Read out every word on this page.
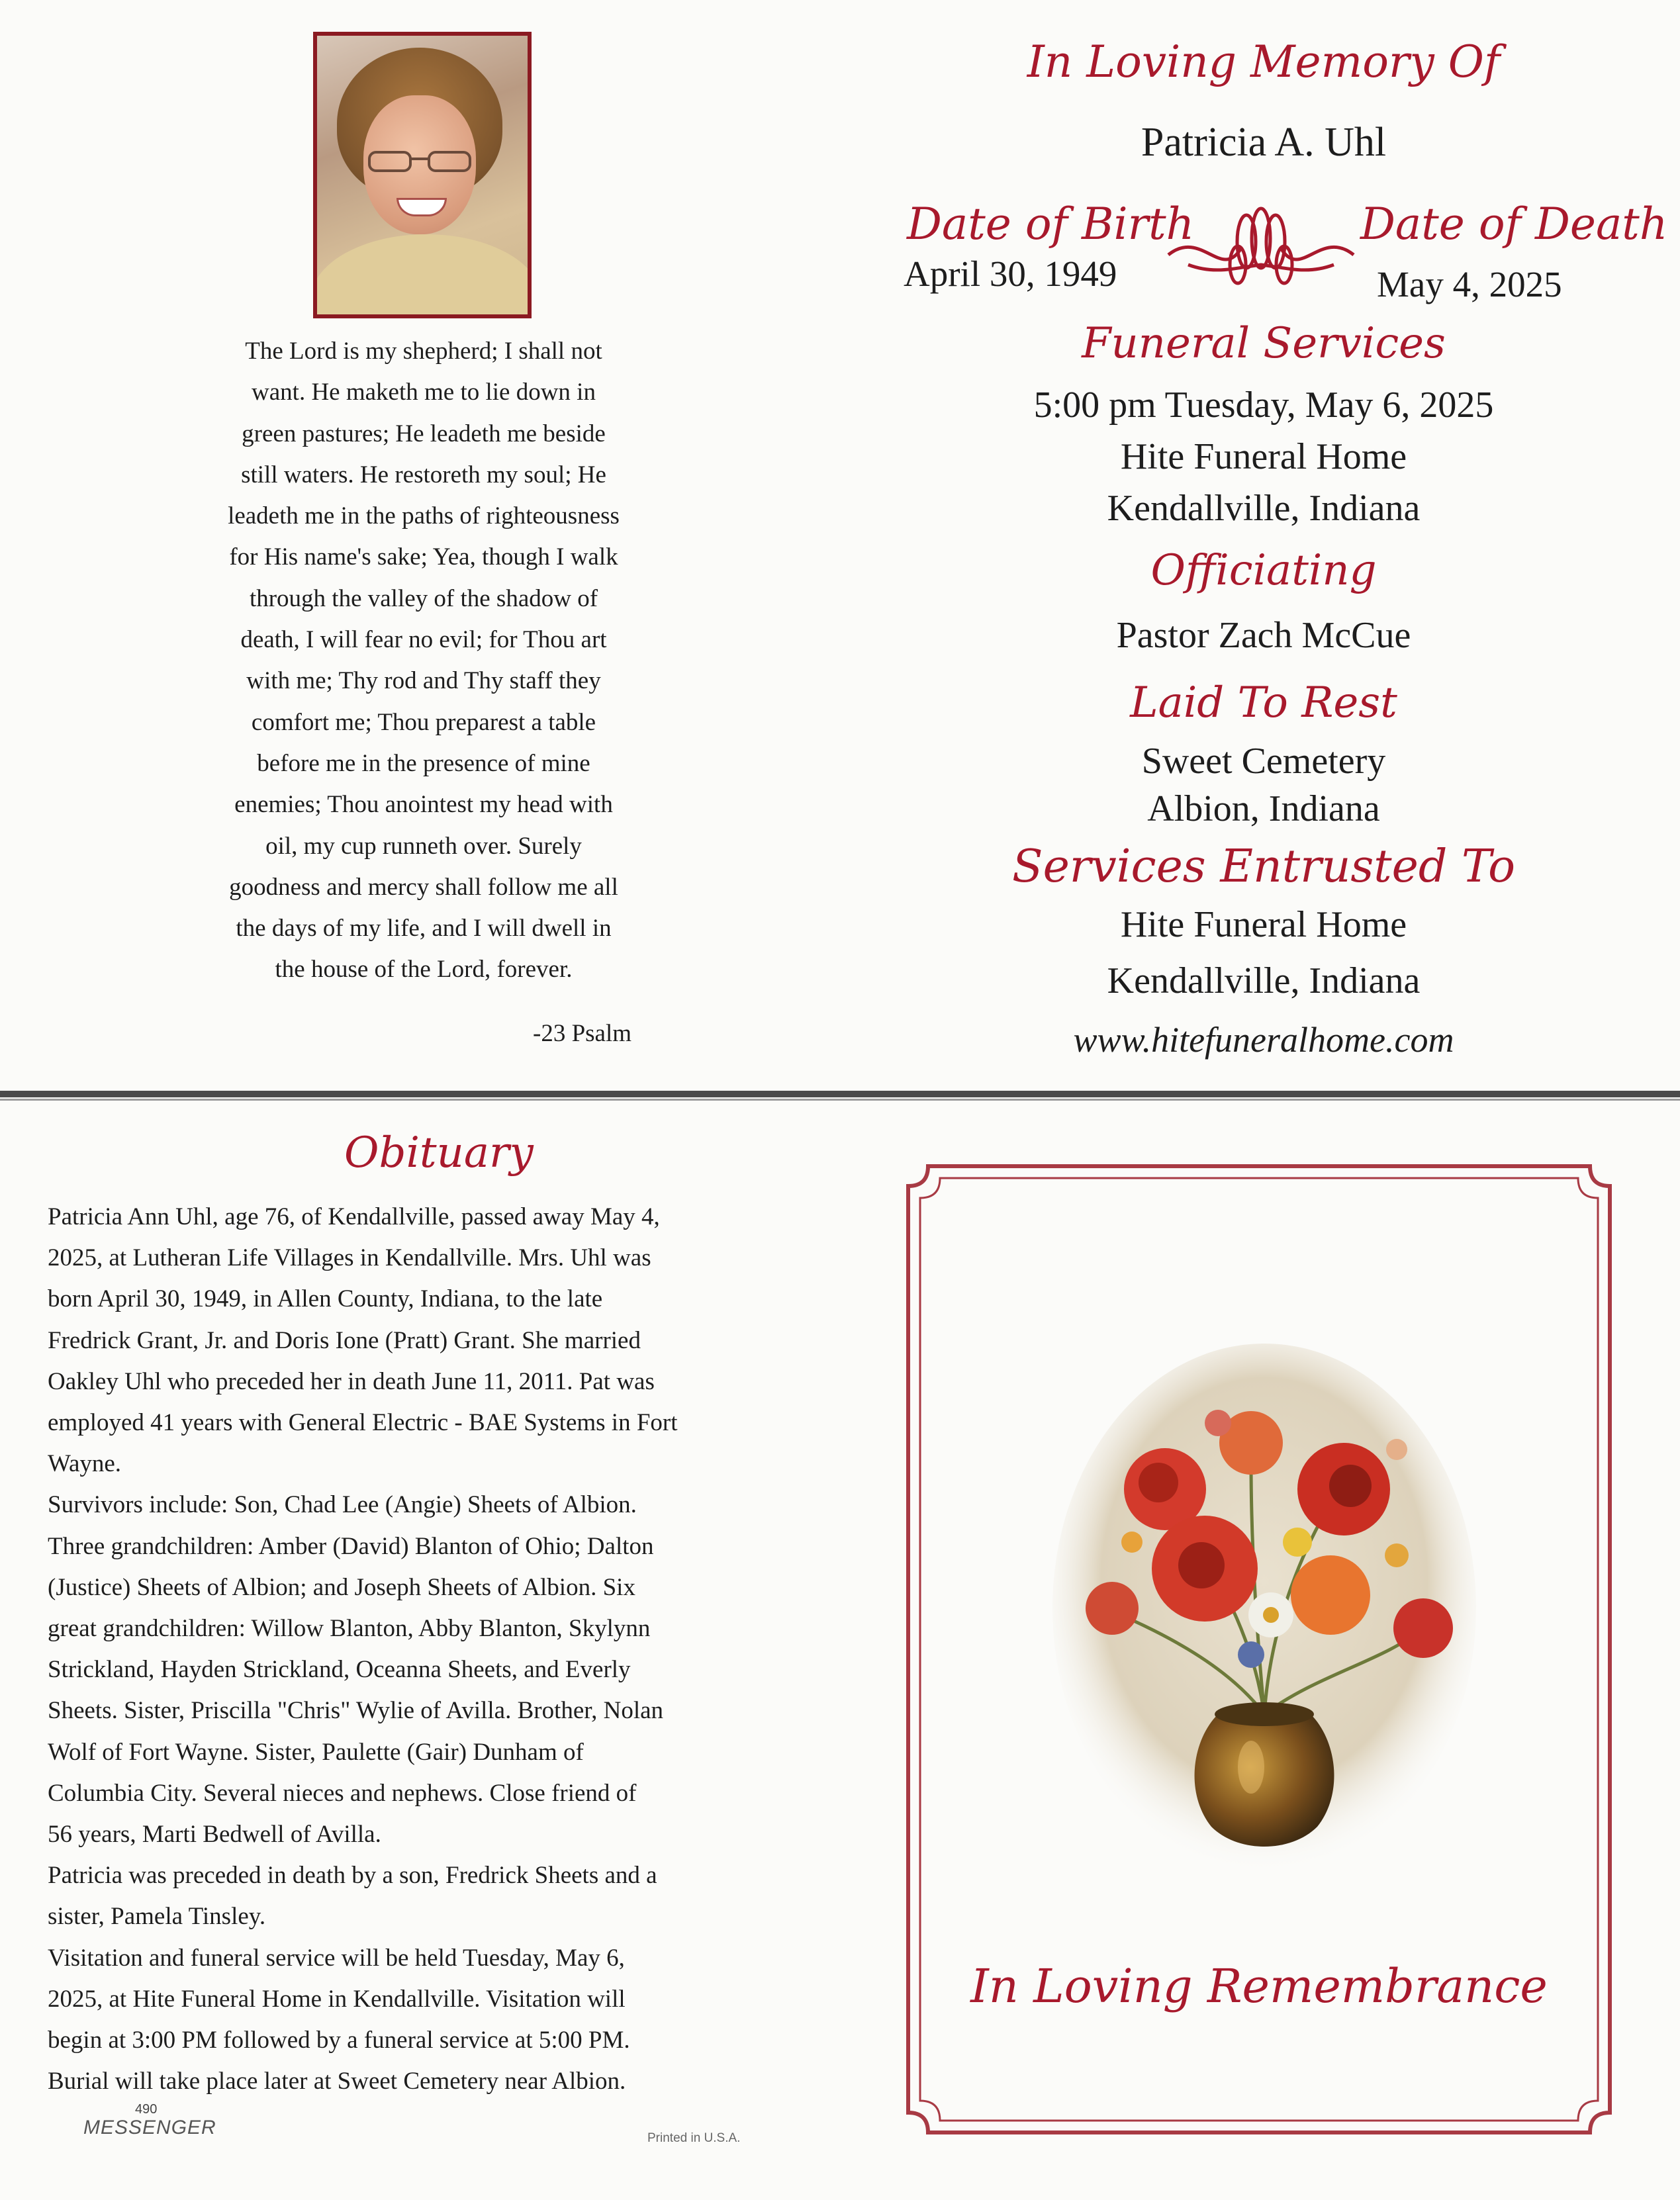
The Lord is my shepherd; I shall not
want. He maketh me to lie down in
green pastures; He leadeth me beside
still waters. He restoreth my soul; He
leadeth me in the paths of righteousness
for His name's sake; Yea, though I walk
through the valley of the shadow of
death, I will fear no evil; for Thou art
with me; Thy rod and Thy staff they
comfort me; Thou preparest a table
before me in the presence of mine
enemies; Thou anointest my head with
oil, my cup runneth over. Surely
goodness and mercy shall follow me all
the days of my life, and I will dwell in
the house of the Lord, forever.
-23 Psalm
In Loving Memory Of
Patricia A. Uhl
Date of Birth
April 30, 1949
Date of Death
May 4, 2025
Funeral Services
5:00 pm Tuesday, May 6, 2025
Hite Funeral Home
Kendallville, Indiana
Officiating
Pastor Zach McCue
Laid To Rest
Sweet Cemetery
Albion, Indiana
Services Entrusted To
Hite Funeral Home
Kendallville, Indiana
www.hitefuneralhome.com
Obituary

Patricia Ann Uhl, age 76, of Kendallville, passed away May 4,

2025, at Lutheran Life Villages in Kendallville. Mrs. Uhl was

born April 30, 1949, in Allen County, Indiana, to the late

Fredrick Grant, Jr. and Doris Ione (Pratt) Grant. She married

Oakley Uhl who preceded her in death June 11, 2011. Pat was

employed 41 years with General Electric - BAE Systems in Fort

Wayne.

Survivors include: Son, Chad Lee (Angie) Sheets of Albion.

Three grandchildren: Amber (David) Blanton of Ohio; Dalton

(Justice) Sheets of Albion; and Joseph Sheets of Albion. Six

great grandchildren: Willow Blanton, Abby Blanton, Skylynn

Strickland, Hayden Strickland, Oceanna Sheets, and Everly

Sheets. Sister, Priscilla "Chris" Wylie of Avilla. Brother, Nolan

Wolf of Fort Wayne. Sister, Paulette (Gair) Dunham of

Columbia City. Several nieces and nephews. Close friend of

56 years, Marti Bedwell of Avilla.

Patricia was preceded in death by a son, Fredrick Sheets and a

sister, Pamela Tinsley.

Visitation and funeral service will be held Tuesday, May 6,

2025, at Hite Funeral Home in Kendallville. Visitation will

begin at 3:00 PM followed by a funeral service at 5:00 PM.

Burial will take place later at Sweet Cemetery near Albion.

490
MESSENGER	Printed in U.S.A.
In Loving Remembrance
